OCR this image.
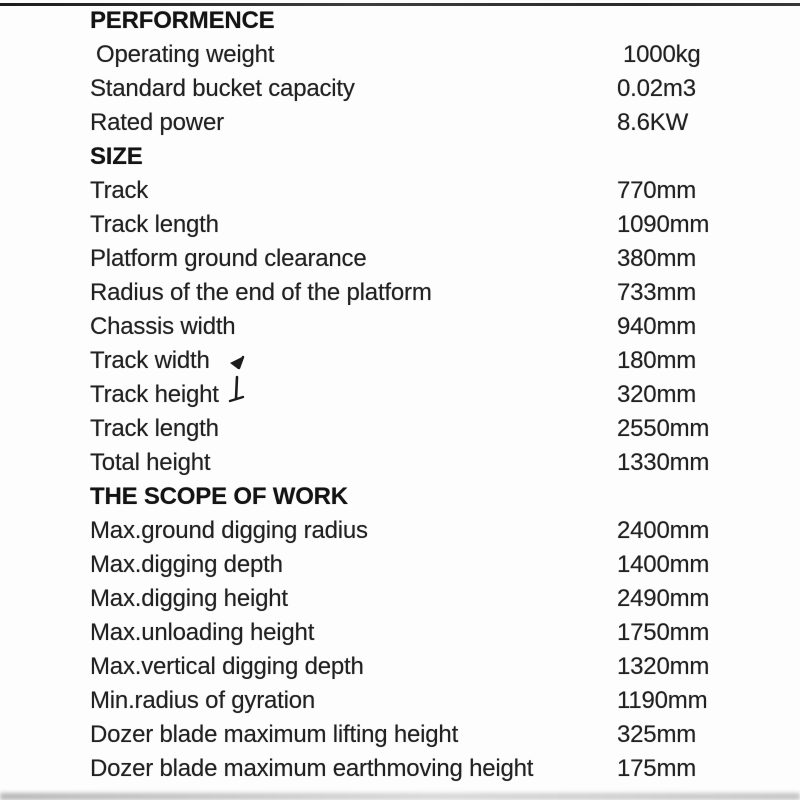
PERFORMENCE
Operating weight	1000kg
Standard bucket capacity	0.02m3
Rated power	8.6KW
SIZE
Track	770mm
Track length	1090mm
Platform ground clearance	380mm
Radius of the end of the platform	733mm
Chassis width	940mm
Track width	180mm
Track height	320mm
Track length	2550mm
Total height	1330mm
THE SCOPE OF WORK
Max.ground digging radius	2400mm
Max.digging depth	1400mm
Max.digging height	2490mm
Max.unloading height	1750mm
Max.vertical digging depth	1320mm
Min.radius of gyration	1190mm
Dozer blade maximum lifting height	325mm
Dozer blade maximum earthmoving height	175mm
